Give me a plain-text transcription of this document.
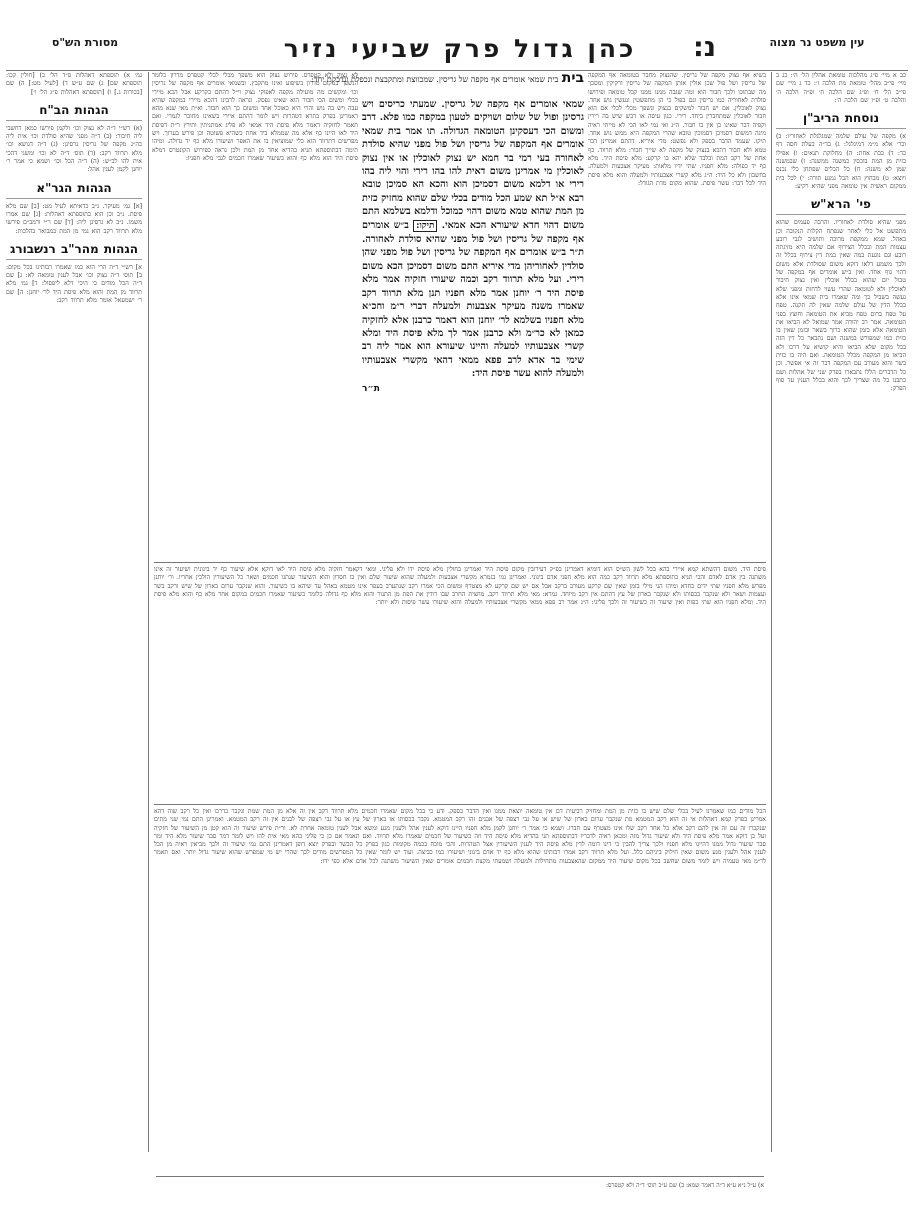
עין משפט נר מצוה
נ:
כהן גדול פרק שביעי נזיר
מסורת הש"ס

כב א מיי׳ פ״ג מהלכות טומאת אהלין הל׳ ה׳: כג ב מיי׳ פי״ב מהל׳ טומאת מת הלכה ז׳: כד ג מיי׳ שם פי״ב הל׳ ח׳ ופ״ג שם הלכה ח׳ ופ״ה הלכה ה׳ והלכה ט׳ ופ״ו שם הלכה ה׳:

נוסחת הריב"ן

א) מקפה של עולם שלמה שמגלגלת לאחוריו: ב) וכר׳ אלא מ״מ דמיגלגל: ג) בד״ה בעלת חסה דף כד: ד) בבת אחת: ה) מחלוקת תנאים: ו) אפילו כזית מן המת בוכסין כמשנה ממשנה: ז) שבמשנה שמן לא משנה: ח) כל הכלים שפתחן כלי נכנס ויוצא: ט) מבחוץ הוא הכל נמנע תורה: י) לכל בית ממקום ראשית אין טומאה מפני שהיא רקיע:

פי' הרא"ש

מפני שהיא סולדת לאחוריו. והרבה פעמים שהוא מתפשט אל כלי לאחר שנפתח הקלות הנקובה וכן באהל. שמא ממקפת מרובה ותושיב לגבי רובע עצמות המת ובכלל הצירוף אם שלמה היא מזיגתה רובע וגם נוגעת במה שאין במת דין צירוף בכלל זה ולכך משמע דלאו דוקא משום שסולדת אלא משום דהוי גוף אחד. ואין ב״ש אומרים אף במקפה של טבול יום שהוא בכלל אוכלין ואין נצוק חיבור לאוכלין ולא לטומאה שהרי עשוי לדחות ומפני שלא נעשה בשביל כך ומה שאמרו בית שמאי אינו אלא בכלל הדין של עולם שלמה שאין לה תקנה. טפח על טפח ברום טפח מביא את הטומאה וחוצץ בפני הטומאה. אמר רב יהודה אמר שמואל לא הביאו את הטומאה אלא בזמן שהוא כרוך בשאר ובזמן שאין בו כזית כמו שמפורש במשנה ושם נתבאר כל דין הזה בכל מקום שלא הביאו והיא קושיא על דרכו ולא הביאו מן המקפה מכלל הטומאה. ואם היה בו כזית בשר והוא מעורב עם המקפה דבר זה אי אפשר. וכן כל הדברים הללו נתבארו בפרק שני של אהלות ושם כתבנו כל מה שצריך לכך והוא בכלל הענין עד סוף הפרק:

גמ׳ א) תוספתא דאהלות פ״ד הל׳ ב) [חולין קכו: תוספתא שם] ג) שם ע״ש ד) [לעיל מט:] ה) שם [בכורות ג.] ו) [תוספתא דאהלות פ״ג הל׳ ו׳]

הגהות הב"ח

(א) רש״י ד״ה לא נצוק וכו׳ ולקמן פירשו כמאן דחשבי ליה חיבור: (ב) ד״ה מפני שהיא סולדת וכו׳ אית ליה כה״ג מקפה של גריסין גרסינן: (ג) ד״ה דגושא וכו׳ מלא תרווד רקב: (ד) תוס׳ ד״ה לא וכו׳ ומשני דהכי אית להו לב״ש: (ה) ד״ה הכל וכו׳ ושמא כי אמר ר׳ יוחנן לקמן לענין אהל:

הגהות הגר"א

[א] גמ׳ מעיקר. נ״ב כדאיתא לעיל מט: [ב] שם מלא פיסת. נ״ב וכן הוא בתוספתא דאהלות: [ג] שם אמרו משמו. נ״ב לא גרסינן ליה: [ד] שם ר״י ורמב״ם פירשו מלא תרווד רקב הוא נמי מן המת כמבואר בהלכות:

הגהות מהר"ב רנשבורג

א] רש״י ד״ה הרי הוא כמו שאמרו רבותינו בכל מקום: ב] תוס׳ ד״ה נצוק וכו׳ אבל לענין טומאה לא: ג] שם ד״ה הכל מודים כי היכי דלא ליפסול: ד] גמ׳ מלא תרווד מן המת והוא מלא פיסת היד לר׳ יוחנן: ה] שם ר׳ ישמעאל אומר מלא תרווד רקב:

בית בית שמאי אומרים אף מקפה של גריסין. שמכווצת ומתקבצת ונכפלת ונדבקת יחד:	בשיא אף נצוק מקפה של גריסין. שהנצוק מחבר בטומאה אף המקפה של גריסין ושל פול שכן אולין אותן המקפה של גריסין ורקיקין ומסכך מה שבתוכו ולכך חבור הוא ומה שגבה ממנו ממנו קבל טומאה ופירושו סולדת לאחוריה כמו גריסין וגם בפול כי הן מתפשטין ונעשין גוש אחד. נצוק לאוכלין. אם יש חבור למשקים בנצוק ונשפך מכלי לכלי אם הוא חבור לאוכלין שמתחברין ביחד. רירי. כגון עיסה או דבש שיש בה רירין וקפיה דבר שאינו כן אין בו חבור. ה״ג ואי נמי לאו הכי לא מייתי ראיה מינה דמשום דסמיכן דסמוכין טובא שהרי המקפה היא ממש גוש אחד. תיקו. שעמד הדבר בספק ולא נפשט: מדי איריא. דהתם אמרינן דבר טמא ולא חבור דהכא בנצוק של מקפה לא שייך חבור: מלא תרווד. כף אחת של רקב המת ובלבד שלא יהא בו קרקע: מלא פיסת היד. מלא כף יד כפולה: מלא חפניו. שתי ידיו מלאות: מעיקר אצבעות ולמעלה. בחשבון ולא כל היד: ה״ג מלא קשרי אצבעותיו ולמעלה והוא מלא פיסת היד לכל דבר: עשר פיסת. שהוא מקום מדת הגודל:

שמאי אומרים אף מקפה של גריסין. שמעתי כריסים ויש גרסינן ופול של שלום ושויקים לטעון במקפה כמו פלא. דרב ומשום הכי דעסקינן הטומאה הגדולה. תו אמר בית שמאי אומרים אף המקפה של גריסין ושל פול מפני שהיא סולדת לאחורה בעי רמי בר חמא יש נצוק לאוכלין או אין נצוק לאוכלין מי אמרינן משום דאית להו בהו רירי והוי ליה בהו רירי או דלמא משום דסמיכן הוא והכא הא סמיכן טובא רבא א״ל תא שמע הכל מודים בכלי שלם שהוא מחזיק כזית מן המת שהוא טמא משום דהוי כמוכל ודלמא בשלמא התם משום דהוי חדא שיעורא הכא אמאי. תיקו: ב״ש אומרים אף מקפה של גריסין ושל פול מפני שהיא סולדת לאחורה. ת״ר ב״ש אומרים אף המקפה של גריסין ושל פול מפני שהן סולדין לאחוריהן מדי איריא התם משום דסמיכן הכא משום רירי. ועל מלא תרווד רקב וכמה שיעורו חזקיה אמר מלא פיסת היד ר׳ יוחנן אמר מלא חפניו תנן מלא תרווד רקב שאמרו משנה מעיקר אצבעות ולמעלה דברי ר״מ וחכ״א מלא חפניו בשלמא לר׳ יוחנן הוא דאמר כרבנן אלא לחזקיה כמאן לא כר״מ ולא כרבנן אמר לך מלא פיסת היד ומלא קשרי אצבעותיו למעלה והיינו שיעורא הוא אמר ליה רב שימי בר אדא לרב פפא ממאי דהאי מקשרי אצבעותיו ולמעלה להוא עשר פיסת היד:
ת״ר

לא נצוק ולא קטפרס. פירוש נצוק הוא משפך מכלי לכלי קטפרס מדרון כלומר הנשפך במקום מדרון בשיפוע ואינו מתקבץ. ובשמאי אומרים אף מקפה של גריסין וכו׳ ומקשים מה מועילה מקפה לאפוקי נצוק וי״ל דהתם בקרקע אבל הכא מיירי בכלי ומשום הכי חבור הוא שאינו נפסק. ונראה לרבינו דהכא מיירי במקפה שהיא עבה ויש בה גוש והרי היא כאוכל אחד ומשום כך הוא חבור. וא״ת מאי שנא מהא דאמרינן בפרק בתרא דטהרות ויש לומר דהתם איירי בשאינו מחובר לגמרי. ואם תאמר לחזקיה דאמר מלא פיסת היד אמאי לא פליג אמתניתין ותירץ ר״ת דפיסת היד לאו היינו כף אלא מה שממלא ביד אחת כשהיא פשוטה וכן פירש בערוך. ויש מפרשים דתרווד הוא כלי שמוציאין בו את האפר ושיעורו מלא כף יד גדולה. ומיהו תימה דבתוספתא תניא בהדיא אחד מן המת ולכן נראה כפירוש הקונטרס דמלא פיסת היד הוא מלא כף והוא כשיעור שאמרו חכמים לגבי מלא חפניו:

פיסת היד. משום דהשתא קמא איירי בהא בכל לשון הש״ס הוא דומיא דאמרינן בפ״ק דעירובין מקום פיסת היד ואמרינן בחולין מלא פיסת ידו ולא פליגי. ומאי דקאמר חזקיה מלא פיסת היד לאו דוקא אלא שיעור כף יד בינונית ושיעור זה אינו משתנה בין אדם לאדם והכי תניא בתוספתא מלא תרווד רקב כמה הוא מלא חפני אדם בינוני. ואמרינן נמי בגמרא מקשרי אצבעות ולמעלה שהוא שיעור שלם ואין בו חסרון והוא השיעור שנתנו חכמים ושאר כל השיעורין הולכין אחריו. ור׳ יוחנן מפרש מלא חפניו שתי ידים כחדא ומיהו הני מילי בזמן שאין שם קרקע מעורב ברקב אבל אם יש שם קרקע לא מצטרף ומשום הכי אמרו רקב שנתערב בעפר אינו מטמא באהל עד שיהא בו כשיעור. והוא שנקבר ערום בארון של שיש ורקב בשר ועצמות ושאר ולא שנקבר בכסותו ולא שנקבר בארון של עץ דהתם אין רקב מיוחד. גמרא: מאי מלא תרווד רקב. מחצית החרב שבו רודין את הפת מן התנור והוא מלא כף גדולה כלומר כשיעור שאמרו חכמים במקום אחר מלא כף והוא מלא פיסת היד. ומלא חפניו הוא שתי כפות ואין שיעור זה כשיעור זה ולכך פליגי: ה״ג אמר רב פפא ממאי מקשרי אצבעותיו ולמעלה והוא שיעורו עשר פיסות ולא יותר:

הכל מודים כמו שאמרנו לעיל בכלי שלם שיש בו כזית מן המת ומחזיק רביעית דם אין טומאה יוצאת ממנו ואין הדבר בספק. ודע כי בכל מקום שאמרו חכמים מלא תרווד רקב אין זה אלא מן המת שמת ונקבר כדרכו ואין כל רקב שוה דהא אמרינן בפרק קמא דאהלות אי זה הוא רקב המטמא מת שנקבר ערום בארון של שיש או על גבי רצפה של אבנים זהו רקב המטמא. נקבר בכסותו או בארון של עץ או על גבי רצפה של לבנים אין זה רקב המטמא. ואמרינן התם נמי שני מתים שנקברו זה עם זה אין להם רקב אלא כל אחד רקב שלו אינו מצטרף עם חברו. ושמא כי אמר ר׳ יוחנן לקמן מלא חפניו היינו דוקא לענין אהל ולענין מגע ומשא אבל לענין טומאה אחרת לא. ור״ת פירש שיעור זה הוא קטן מן השיעור של חזקיה ועל כן דוקא אמר מלא פיסת היד ולא שיעור גדול מזה ומכאן ראיה לדבריו דבתוספתא תני בהדיא מלא פיסת היד וזה כשיעור של חכמים שאמרו מלא תרווד. ואם תאמר אם כן כי פליגי בהא מאי אית להו ויש לומר דמר סבר שיעור מלא היד ומר סבר שיעור גדול ממנו דהיינו מלא חפניו ולכך צריך להבין כי דינו דומה לדין מלא פיסת היד לענין השיעורין אצל הטהרות. והכי מוכח בכמה מקומות כגון בפרק כל הבשר ובפרק יוצא דופן דאמרינן התם נמי שיעור זה ולכך מביאין ראיה מן הכל לענין אהל ולענין מגע משום שאין חילוק ביניהם כלל. ועל מלא תרווד רקב אמרו רבותינו שהוא מלא כף יד אדם בינוני ושיעורו כמו כביצה. ועוד יש לומר שאין כל המפרשים מודים לכך שהרי יש מי שמפרש שהוא שיעור גדול יותר. ואם תאמר לר״מ מאי טעמיה ויש לומר משום שחשב בכל מקום שיעור היד ממקום שהאצבעות מתחילות ולמעלה ושמעתי מקצת חכמים אומרים שאין השיעור משתנה לכל אדם אלא כפי ידו:

א) ע״ל נ״א ע״א ד״ה דאמר שמא: ב) שם ע״ב תוס׳ ד״ה ולא קטפרס:
